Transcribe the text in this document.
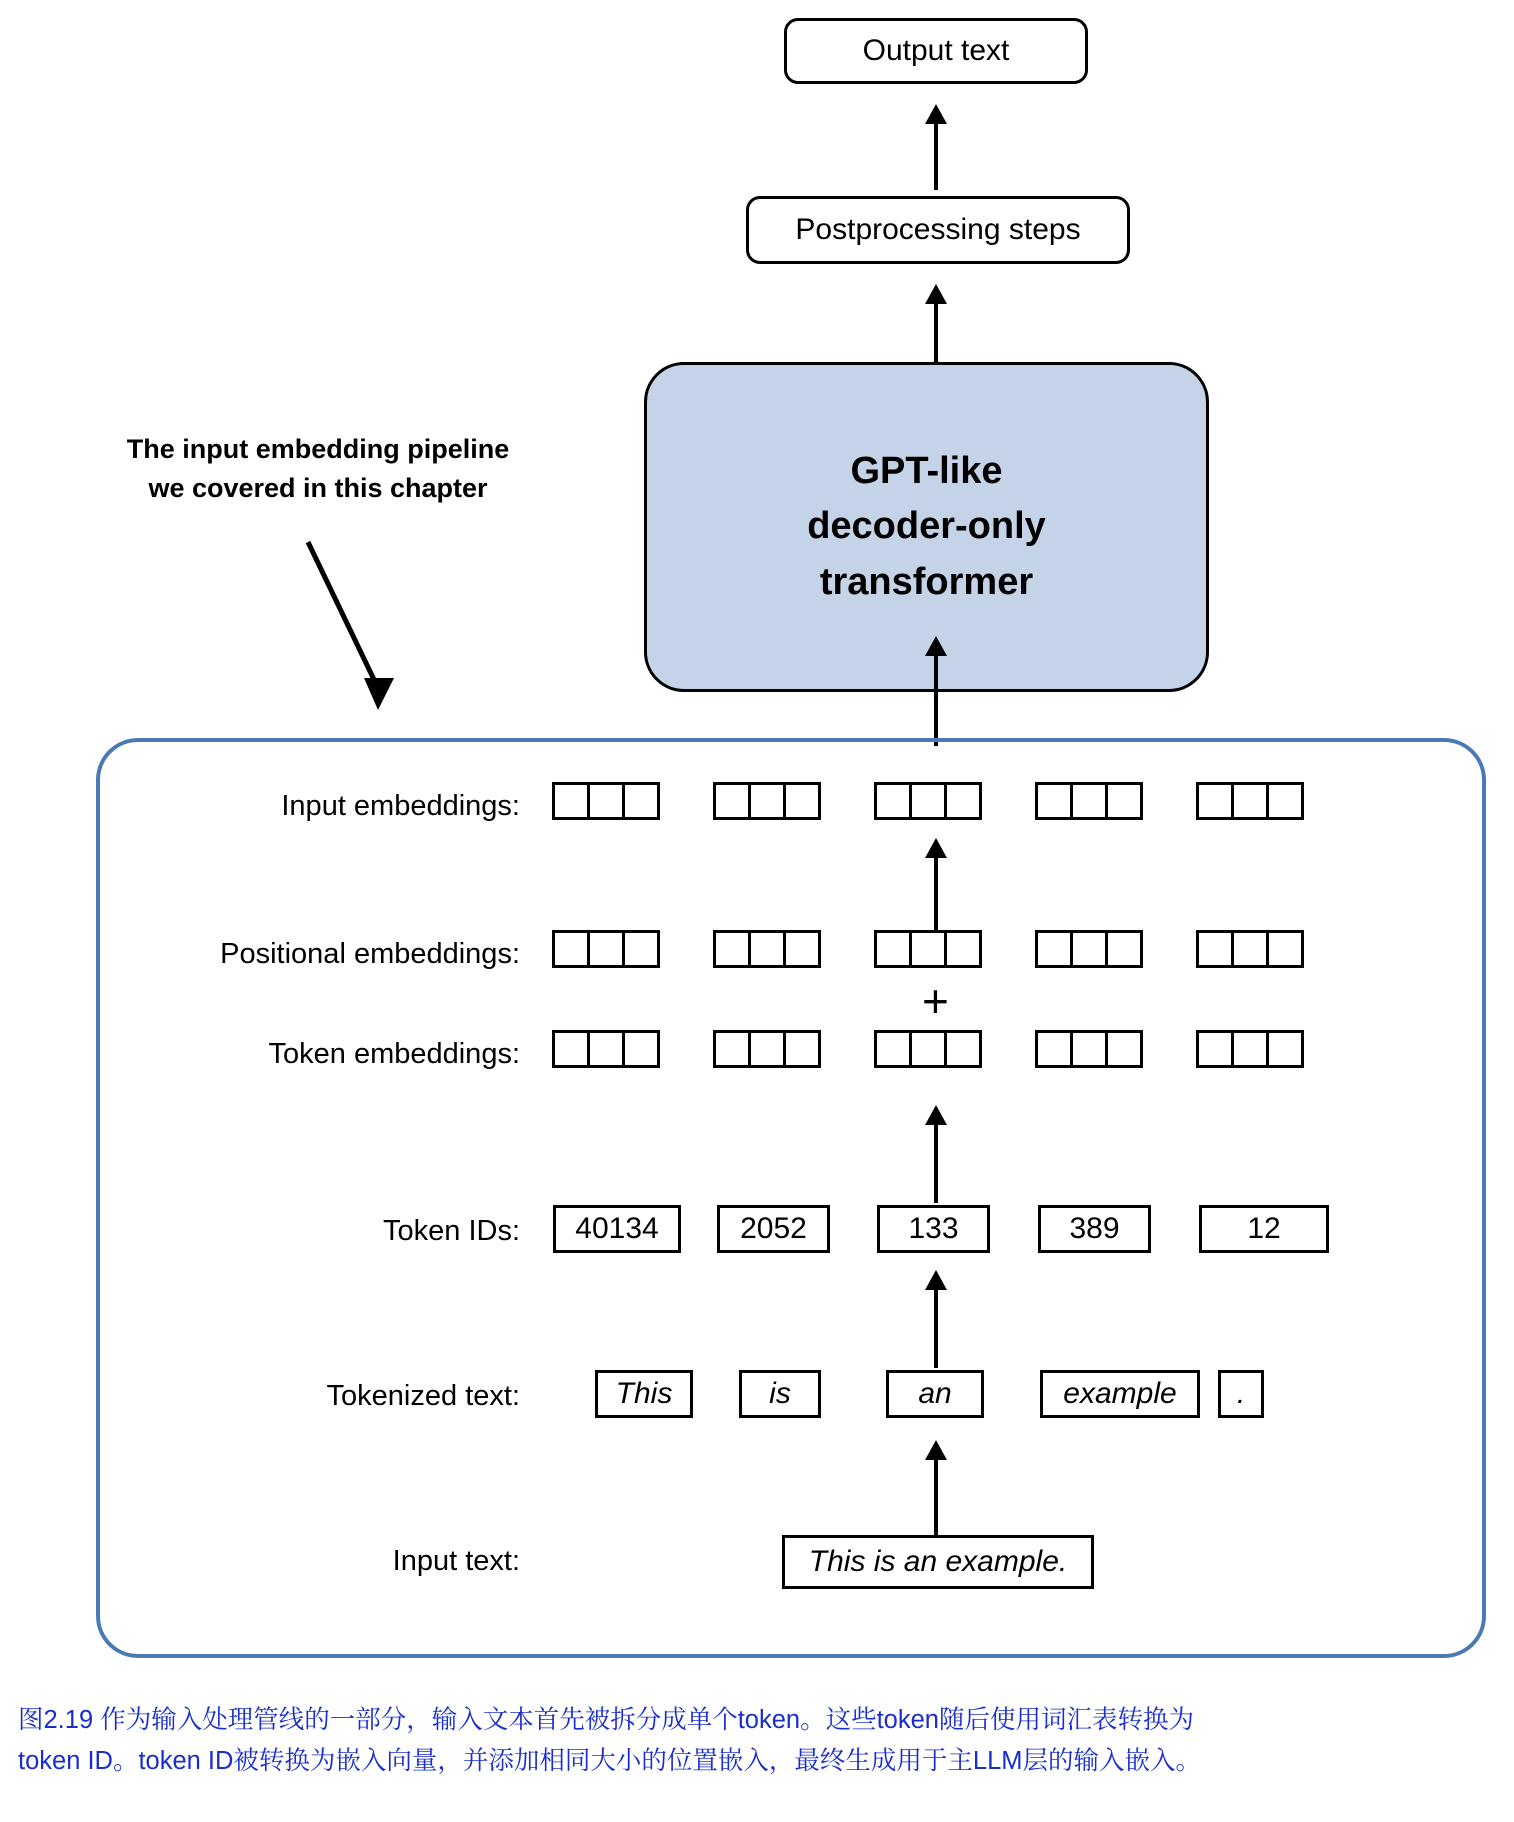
Output text
Postprocessing steps
GPT-like
decoder-only
transformer
The input embedding pipeline
we covered in this chapter
Input embeddings:
Positional embeddings:
+
Token embeddings:
Token IDs:	40134	2052	133	389	12
Tokenized text:	This	is	an	example	.
Input text:	This is an example.
图2.19 作为输入处理管线的一部分，输入文本首先被拆分成单个token。这些token随后使用词汇表转换为
token ID。token ID被转换为嵌入向量，并添加相同大小的位置嵌入，最终生成用于主LLM层的输入嵌入。
